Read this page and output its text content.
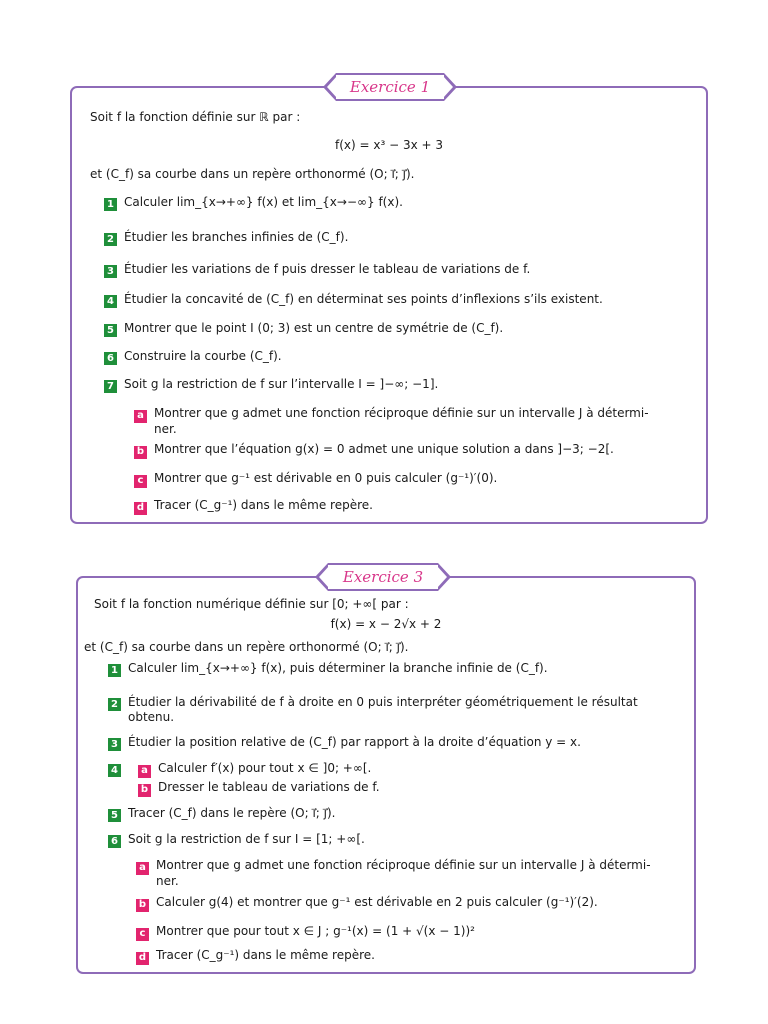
Exercice 1
Soit f la fonction définie sur ℝ par :
f(x) = x³ − 3x + 3
et (C_f) sa courbe dans un repère orthonormé (O; i⃗; j⃗).
1 Calculer lim_{x→+∞} f(x) et lim_{x→−∞} f(x).
2 Étudier les branches infinies de (C_f).
3 Étudier les variations de f puis dresser le tableau de variations de f.
4 Étudier la concavité de (C_f) en déterminat ses points d’inflexions s’ils existent.
5 Montrer que le point I (0; 3) est un centre de symétrie de (C_f).
6 Construire la courbe (C_f).
7 Soit g la restriction de f sur l’intervalle I = ]−∞; −1].
a Montrer que g admet une fonction réciproque définie sur un intervalle J à détermi-
ner.
b Montrer que l’équation g(x) = 0 admet une unique solution a dans ]−3; −2[.
c Montrer que g⁻¹ est dérivable en 0 puis calculer (g⁻¹)′(0).
d Tracer (C_g⁻¹) dans le même repère.
Exercice 3
Soit f la fonction numérique définie sur [0; +∞[ par :
f(x) = x − 2√x + 2
et (C_f) sa courbe dans un repère orthonormé (O; i⃗; j⃗).
1 Calculer lim_{x→+∞} f(x), puis déterminer la branche infinie de (C_f).
2 Étudier la dérivabilité de f à droite en 0 puis interpréter géométriquement le résultat
obtenu.
3 Étudier la position relative de (C_f) par rapport à la droite d’équation y = x.
4	a Calculer f′(x) pour tout x ∈ ]0; +∞[.
b Dresser le tableau de variations de f.
5 Tracer (C_f) dans le repère (O; i⃗; j⃗).
6 Soit g la restriction de f sur I = [1; +∞[.
a Montrer que g admet une fonction réciproque définie sur un intervalle J à détermi-
ner.
b Calculer g(4) et montrer que g⁻¹ est dérivable en 2 puis calculer (g⁻¹)′(2).
c Montrer que pour tout x ∈ J ; g⁻¹(x) = (1 + √(x − 1))²
d Tracer (C_g⁻¹) dans le même repère.
